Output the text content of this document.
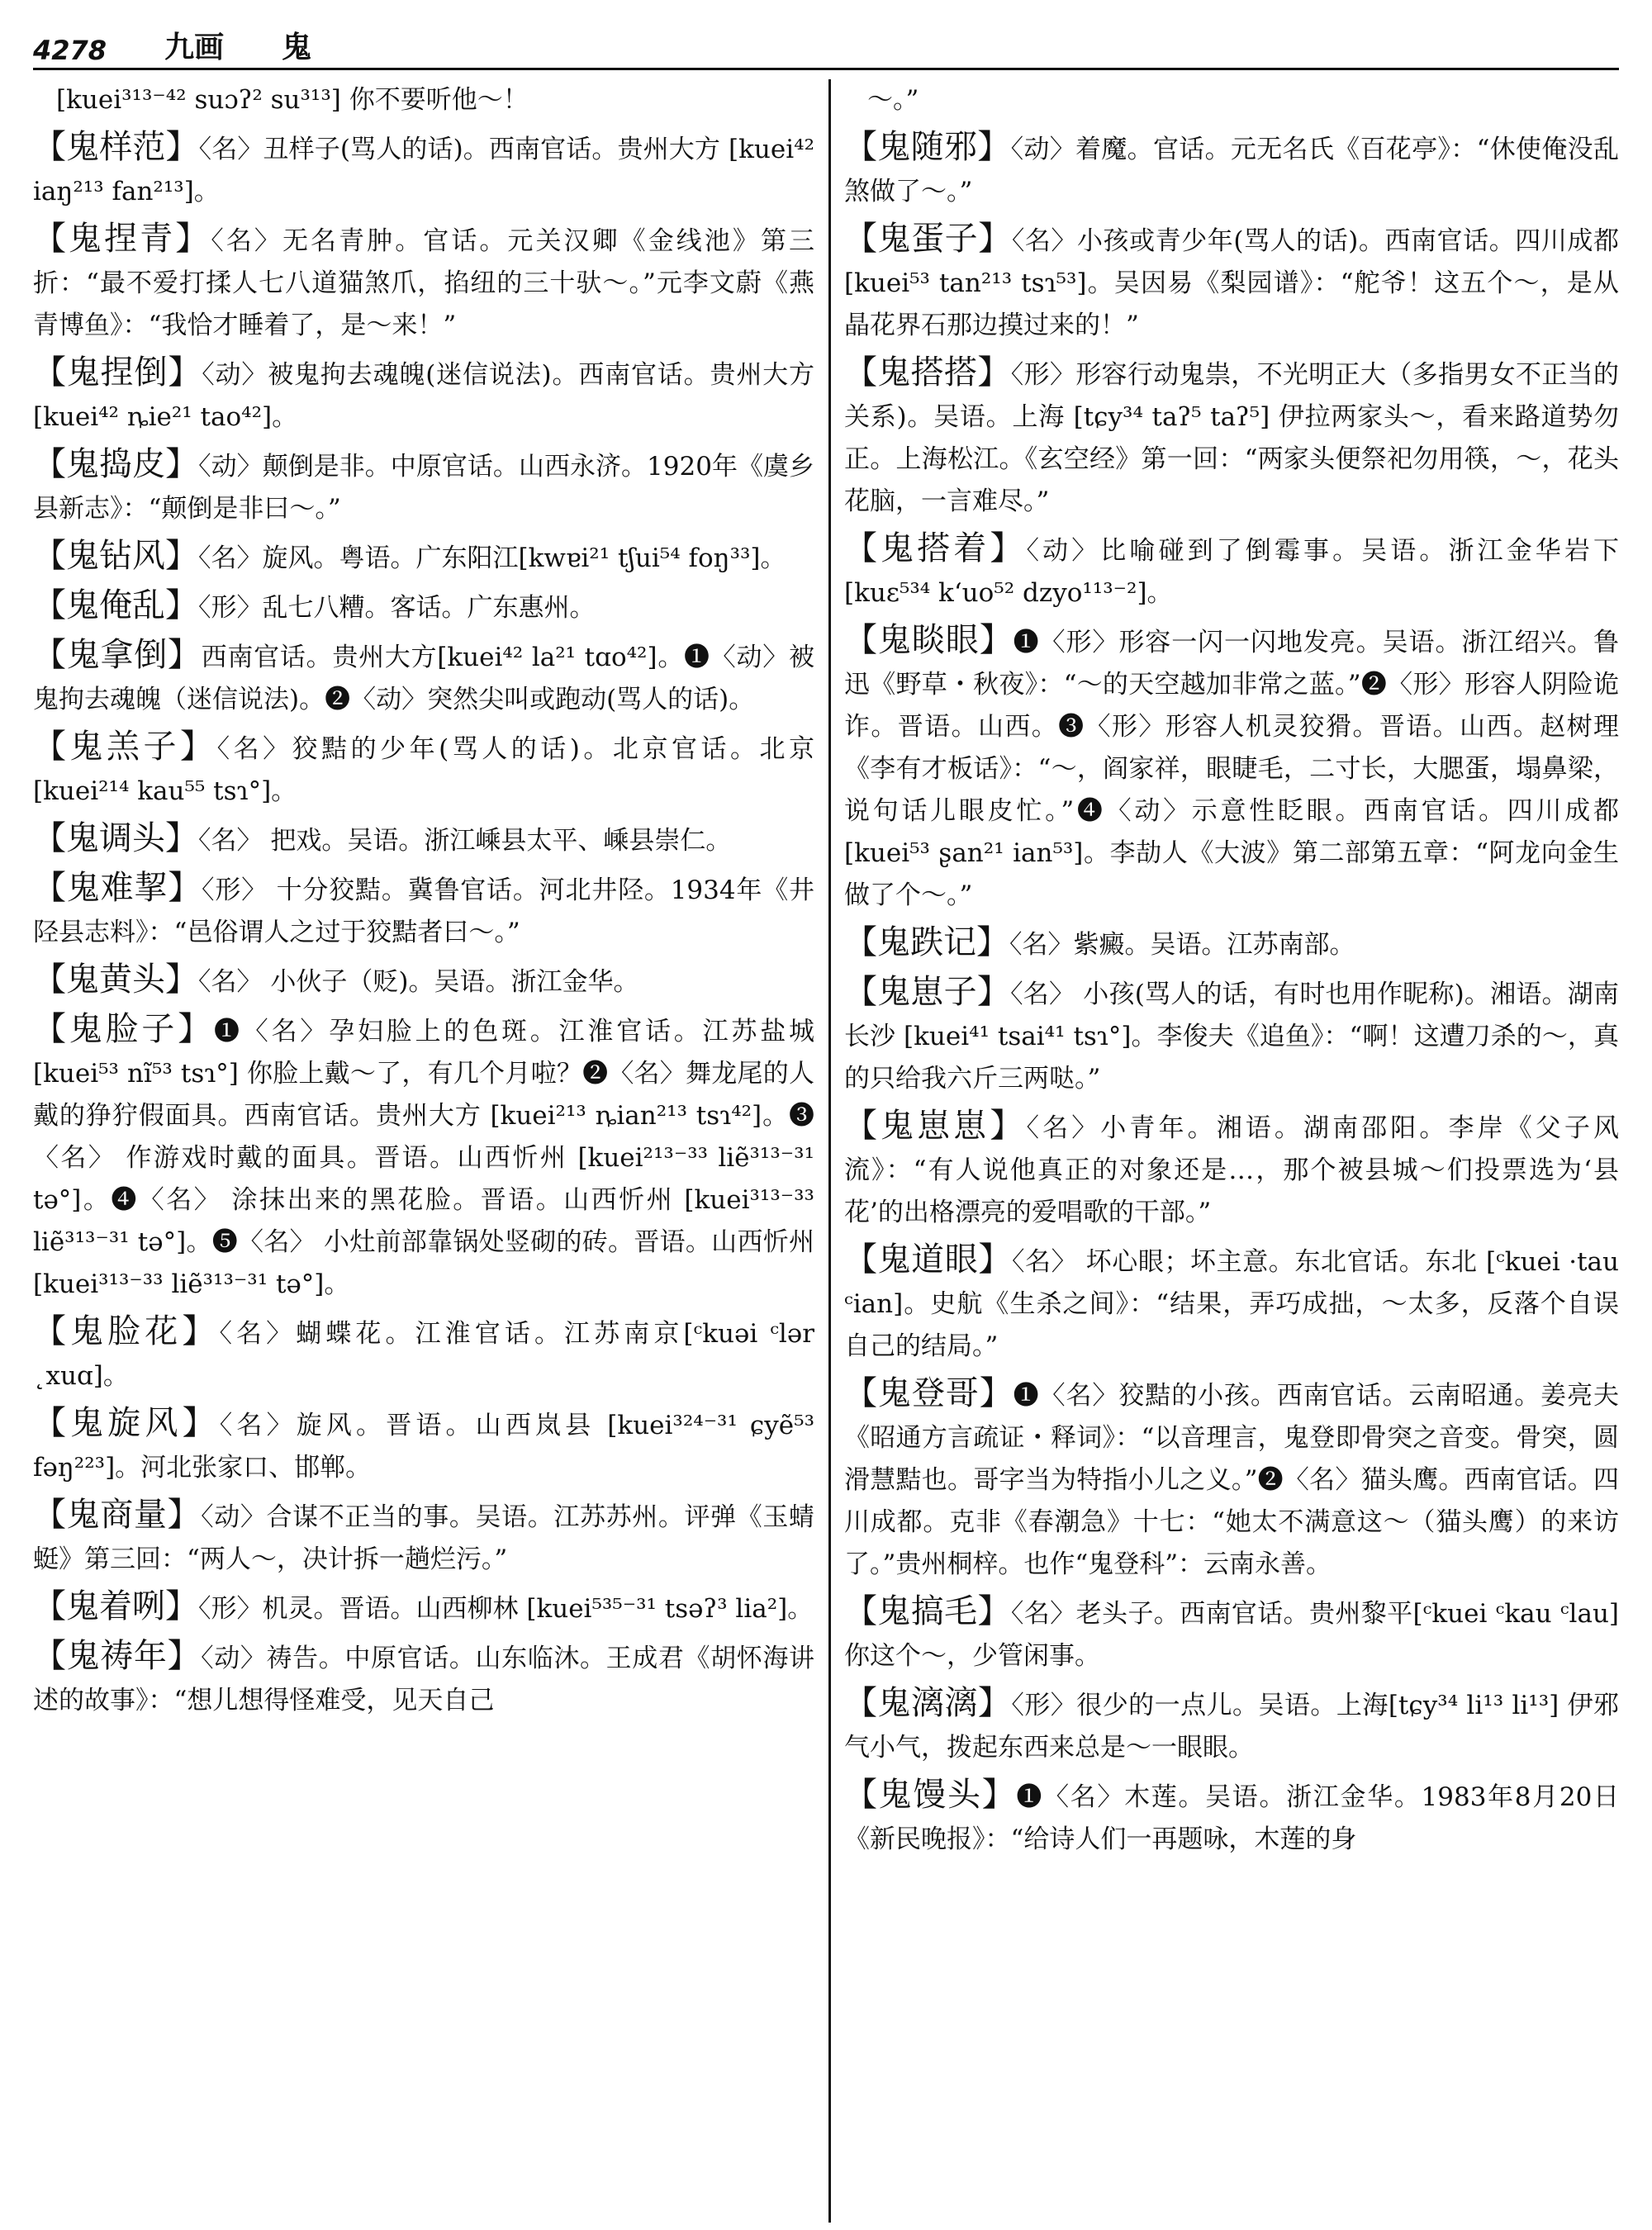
4278 九画 鬼
[kuei³¹³⁻⁴² suɔʔ² su³¹³] 你不要听他～！
【鬼样范】〈名〉丑样子(骂人的话)。西南官话。贵州大方 [kuei⁴² iaŋ²¹³ fan²¹³]。
【鬼捏青】〈名〉无名青肿。官话。元关汉卿《金线池》第三折：“最不爱打揉人七八道猫煞爪，掐纽的三十驮～。”元李文蔚《燕青博鱼》：“我恰才睡着了，是～来！”
【鬼捏倒】〈动〉被鬼拘去魂魄(迷信说法)。西南官话。贵州大方 [kuei⁴² ȵie²¹ tao⁴²]。
【鬼捣皮】〈动〉颠倒是非。中原官话。山西永济。1920年《虞乡县新志》：“颠倒是非曰～。”
【鬼钻风】〈名〉旋风。粤语。广东阳江[kwɐi²¹ tʃui⁵⁴ foŋ³³]。
【鬼俺乱】〈形〉乱七八糟。客话。广东惠州。
【鬼拿倒】西南官话。贵州大方[kuei⁴² la²¹ tɑo⁴²]。❶〈动〉被鬼拘去魂魄（迷信说法)。❷〈动〉突然尖叫或跑动(骂人的话)。
【鬼羔子】〈名〉狡黠的少年(骂人的话)。北京官话。北京 [kuei²¹⁴ kau⁵⁵ tsɿ°]。
【鬼调头】〈名〉 把戏。吴语。浙江嵊县太平、嵊县崇仁。
【鬼难挈】〈形〉 十分狡黠。冀鲁官话。河北井陉。1934年《井陉县志料》：“邑俗谓人之过于狡黠者曰～。”
【鬼黄头】〈名〉 小伙子（贬)。吴语。浙江金华。
【鬼脸子】❶〈名〉孕妇脸上的色斑。江淮官话。江苏盐城 [kuei⁵³ nĩ⁵³ tsɿ°] 你脸上戴～了，有几个月啦？❷〈名〉舞龙尾的人戴的狰狞假面具。西南官话。贵州大方 [kuei²¹³ ȵian²¹³ tsɿ⁴²]。❸〈名〉 作游戏时戴的面具。晋语。山西忻州 [kuei²¹³⁻³³ liẽ³¹³⁻³¹ tə°]。❹〈名〉 涂抹出来的黑花脸。晋语。山西忻州 [kuei³¹³⁻³³ liẽ³¹³⁻³¹ tə°]。❺〈名〉 小灶前部靠锅处竖砌的砖。晋语。山西忻州[kuei³¹³⁻³³ liẽ³¹³⁻³¹ tə°]。
【鬼脸花】〈名〉蝴蝶花。江淮官话。江苏南京[ᶜkuəi ᶜlər ˛xuɑ]。
【鬼旋风】〈名〉旋风。晋语。山西岚县 [kuei³²⁴⁻³¹ ɕyẽ⁵³ fəŋ²²³]。河北张家口、邯郸。
【鬼商量】〈动〉合谋不正当的事。吴语。江苏苏州。评弹《玉蜻蜓》第三回：“两人～，决计拆一趟烂污。”
【鬼着咧】〈形〉机灵。晋语。山西柳林 [kuei⁵³⁵⁻³¹ tsəʔ³ lia²]。
【鬼祷年】〈动〉祷告。中原官话。山东临沐。王成君《胡怀海讲述的故事》：“想儿想得怪难受，见天自己
～。”
【鬼随邪】〈动〉着魔。官话。元无名氏《百花亭》：“休使俺没乱煞做了～。”
【鬼蛋子】〈名〉小孩或青少年(骂人的话)。西南官话。四川成都 [kuei⁵³ tan²¹³ tsɿ⁵³]。吴因易《梨园谱》：“舵爷！这五个～，是从晶花界石那边摸过来的！”
【鬼搭搭】〈形〉形容行动鬼祟，不光明正大（多指男女不正当的关系)。吴语。上海 [tɕy³⁴ taʔ⁵ taʔ⁵] 伊拉两家头～，看来路道势勿正。上海松江。《玄空经》第一回：“两家头便祭祀勿用筷，～，花头花脑，一言难尽。”
【鬼搭着】〈动〉比喻碰到了倒霉事。吴语。浙江金华岩下 [kuɛ⁵³⁴ k‘uo⁵² dzyo¹¹³⁻²]。
【鬼睒眼】❶〈形〉形容一闪一闪地发亮。吴语。浙江绍兴。鲁迅《野草・秋夜》：“～的天空越加非常之蓝。”❷〈形〉形容人阴险诡诈。晋语。山西。❸〈形〉形容人机灵狡猾。晋语。山西。赵树理《李有才板话》：“～，阎家祥，眼睫毛，二寸长，大腮蛋，塌鼻梁，说句话儿眼皮忙。”❹〈动〉示意性眨眼。西南官话。四川成都 [kuei⁵³ ʂan²¹ ian⁵³]。李劼人《大波》第二部第五章：“阿龙向金生做了个～。”
【鬼跌记】〈名〉紫癜。吴语。江苏南部。
【鬼崽子】〈名〉 小孩(骂人的话，有时也用作昵称)。湘语。湖南长沙 [kuei⁴¹ tsai⁴¹ tsɿ°]。李俊夫《追鱼》：“啊！这遭刀杀的～，真的只给我六斤三两哒。”
【鬼崽崽】〈名〉小青年。湘语。湖南邵阳。李岸《父子风流》：“有人说他真正的对象还是…，那个被县城～们投票选为‘县花’的出格漂亮的爱唱歌的干部。”
【鬼道眼】〈名〉 坏心眼；坏主意。东北官话。东北 [ᶜkuei ·tau ᶜian]。史航《生杀之间》：“结果，弄巧成拙，～太多，反落个自误自己的结局。”
【鬼登哥】❶〈名〉狡黠的小孩。西南官话。云南昭通。姜亮夫《昭通方言疏证・释词》：“以音理言，鬼登即骨突之音变。骨突，圆滑慧黠也。哥字当为特指小儿之义。”❷〈名〉猫头鹰。西南官话。四川成都。克非《春潮急》十七：“她太不满意这～（猫头鹰）的来访了。”贵州桐梓。也作“鬼登科”：云南永善。
【鬼搞毛】〈名〉老头子。西南官话。贵州黎平[ᶜkuei ᶜkau ᶜlau] 你这个～，少管闲事。
【鬼漓漓】〈形〉很少的一点儿。吴语。上海[tɕy³⁴ li¹³ li¹³] 伊邪气小气，拨起东西来总是～一眼眼。
【鬼馒头】❶〈名〉木莲。吴语。浙江金华。1983年8月20日《新民晚报》：“给诗人们一再题咏，木莲的身
